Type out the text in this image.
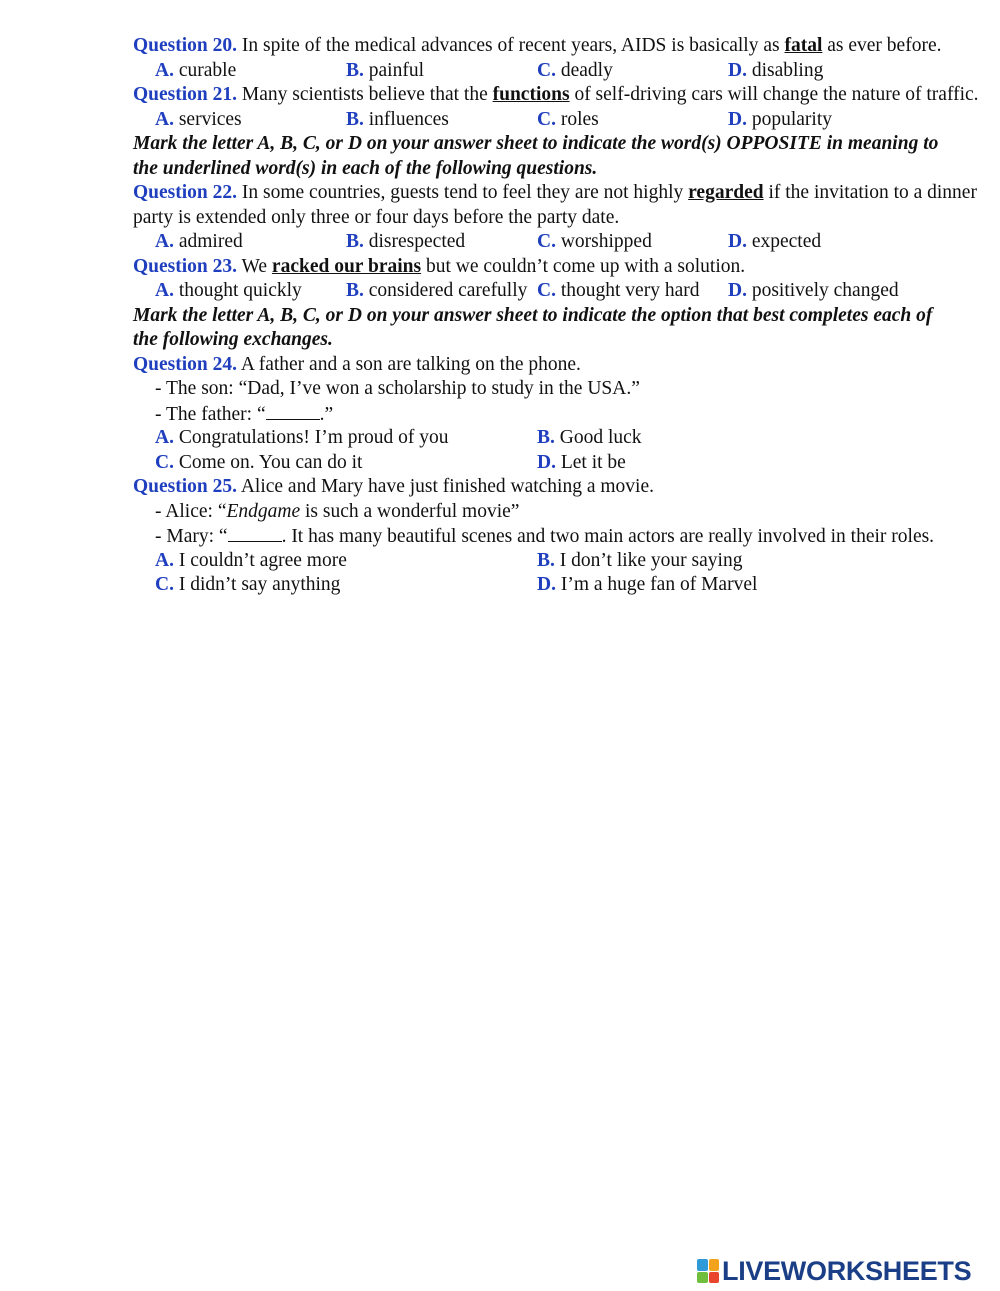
Question 20. In spite of the medical advances of recent years, AIDS is basically as fatal as ever before.
A. curable	B. painful	C. deadly	D. disabling
Question 21. Many scientists believe that the functions of self-driving cars will change the nature of traffic.
A. services	B. influences	C. roles	D. popularity
Mark the letter A, B, C, or D on your answer sheet to indicate the word(s) OPPOSITE in meaning to the underlined word(s) in each of the following questions.
Question 22. In some countries, guests tend to feel they are not highly regarded if the invitation to a dinner
party is extended only three or four days before the party date.
A. admired	B. disrespected	C. worshipped	D. expected
Question 23. We racked our brains but we couldn’t come up with a solution.
A. thought quickly B. considered carefully C. thought very hard D. positively changed
Mark the letter A, B, C, or D on your answer sheet to indicate the option that best completes each of the following exchanges.
Question 24. A father and a son are talking on the phone.
- The son: “Dad, I’ve won a scholarship to study in the USA.”
- The father: “	.”
A. Congratulations! I’m proud of you	B. Good luck
C. Come on. You can do it	D. Let it be
Question 25. Alice and Mary have just finished watching a movie.
- Alice: “Endgame is such a wonderful movie”
- Mary: “	. It has many beautiful scenes and two main actors are really involved in their roles.
A. I couldn’t agree more	B. I don’t like your saying
C. I didn’t say anything	D. I’m a huge fan of Marvel
LIVEWORKSHEETS
